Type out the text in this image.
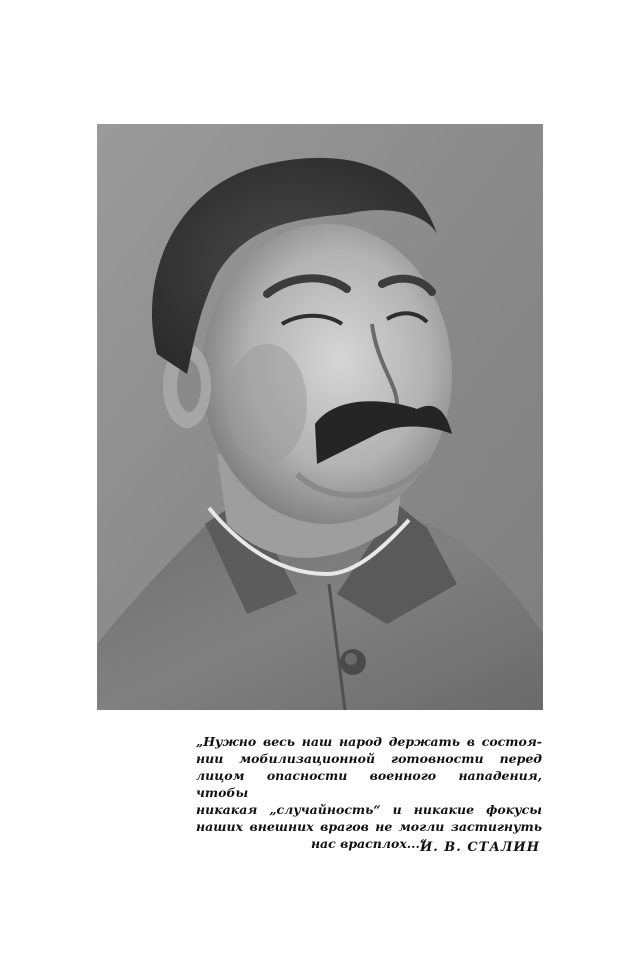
„Нужно весь наш народ держать в состоя-
нии мобилизационной готовности перед
лицом опасности военного нападения, чтобы
никакая „случайность“ и никакие фокусы
наших внешних врагов не могли застигнуть
нас врасплох...“
И. В. СТАЛИН
